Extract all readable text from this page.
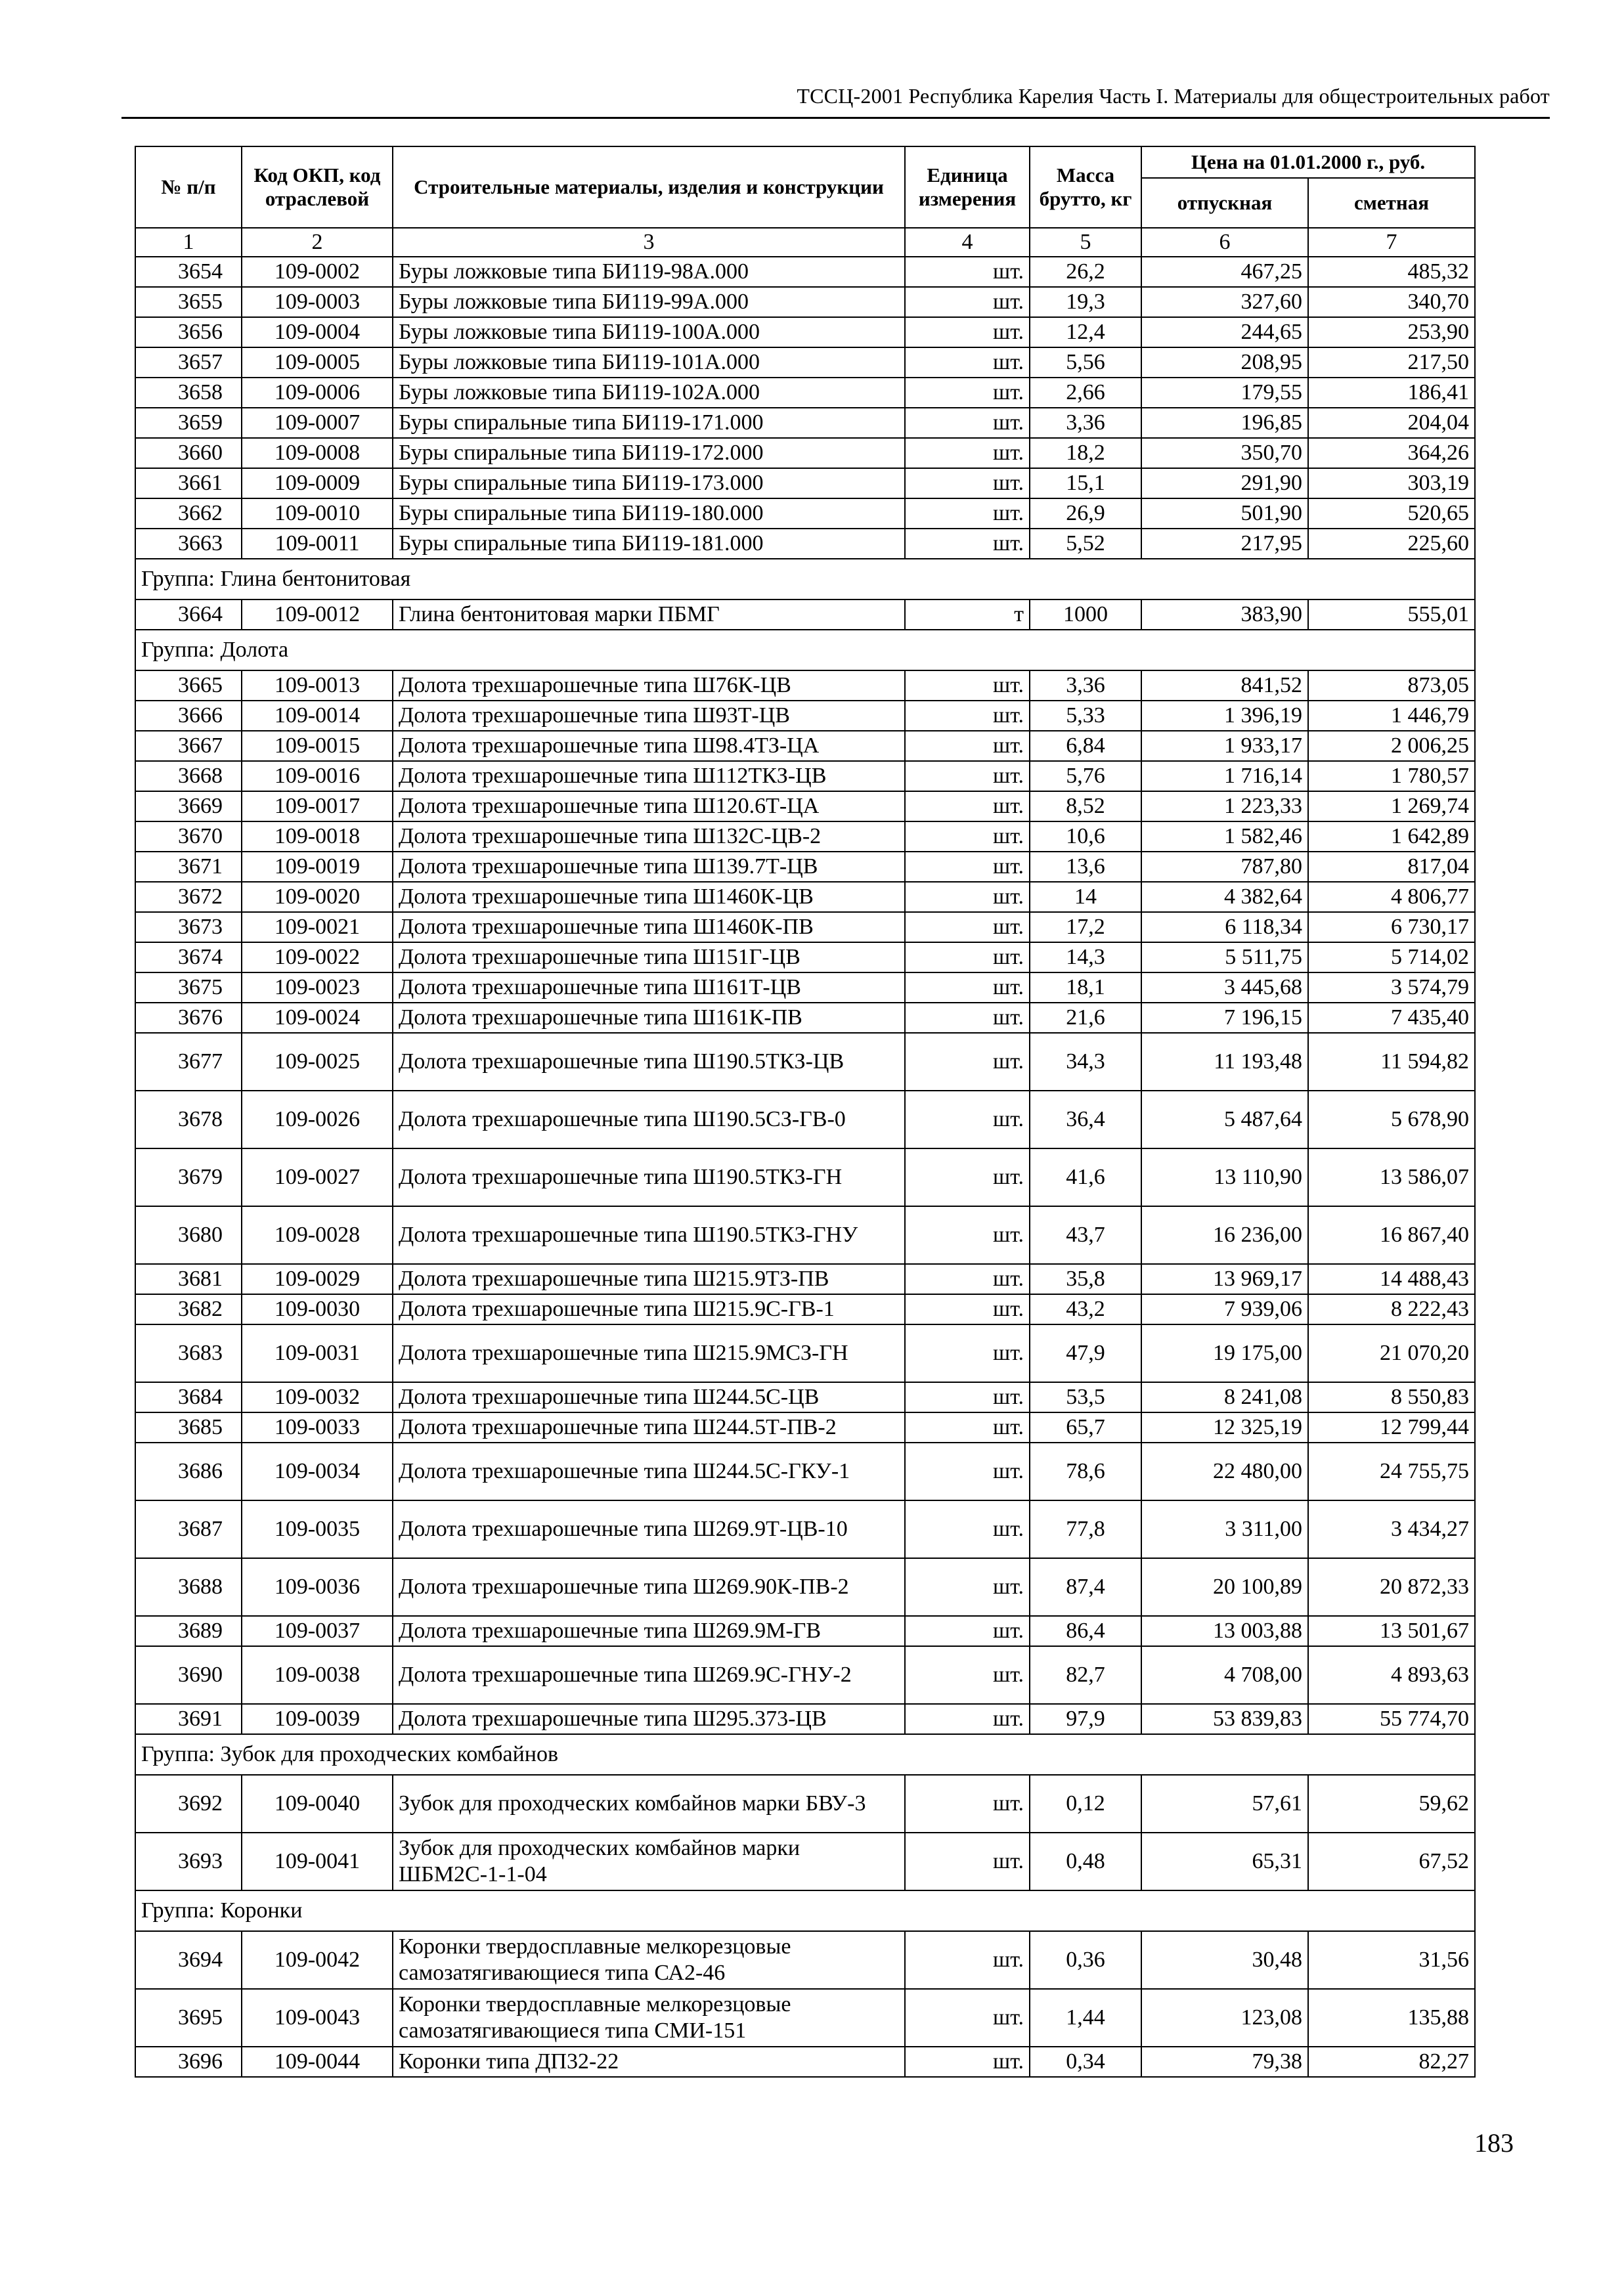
ТССЦ-2001 Республика Карелия Часть I. Материалы для общестроительных работ
№ п/п	Код ОКП, код отраслевой	Строительные материалы, изделия и конструкции	Единица измерения	Масса брутто, кг	Цена на 01.01.2000 г., руб.	
					отпускная	сметная
1	2	3	4	5	6	7
3654	109-0002	Буры ложковые типа БИ119-98А.000	шт.	26,2	467,25	485,32
3655	109-0003	Буры ложковые типа БИ119-99А.000	шт.	19,3	327,60	340,70
3656	109-0004	Буры ложковые типа БИ119-100А.000	шт.	12,4	244,65	253,90
3657	109-0005	Буры ложковые типа БИ119-101А.000	шт.	5,56	208,95	217,50
3658	109-0006	Буры ложковые типа БИ119-102А.000	шт.	2,66	179,55	186,41
3659	109-0007	Буры спиральные типа БИ119-171.000	шт.	3,36	196,85	204,04
3660	109-0008	Буры спиральные типа БИ119-172.000	шт.	18,2	350,70	364,26
3661	109-0009	Буры спиральные типа БИ119-173.000	шт.	15,1	291,90	303,19
3662	109-0010	Буры спиральные типа БИ119-180.000	шт.	26,9	501,90	520,65
3663	109-0011	Буры спиральные типа БИ119-181.000	шт.	5,52	217,95	225,60
Группа: Глина бентонитовая						
3664	109-0012	Глина бентонитовая марки ПБМГ	т	1000	383,90	555,01
Группа: Долота						
3665	109-0013	Долота трехшарошечные типа Ш76К-ЦВ	шт.	3,36	841,52	873,05
3666	109-0014	Долота трехшарошечные типа Ш93Т-ЦВ	шт.	5,33	1 396,19	1 446,79
3667	109-0015	Долота трехшарошечные типа Ш98.4ТЗ-ЦА	шт.	6,84	1 933,17	2 006,25
3668	109-0016	Долота трехшарошечные типа Ш112ТКЗ-ЦВ	шт.	5,76	1 716,14	1 780,57
3669	109-0017	Долота трехшарошечные типа Ш120.6Т-ЦА	шт.	8,52	1 223,33	1 269,74
3670	109-0018	Долота трехшарошечные типа Ш132С-ЦВ-2	шт.	10,6	1 582,46	1 642,89
3671	109-0019	Долота трехшарошечные типа Ш139.7Т-ЦВ	шт.	13,6	787,80	817,04
3672	109-0020	Долота трехшарошечные типа Ш1460К-ЦВ	шт.	14	4 382,64	4 806,77
3673	109-0021	Долота трехшарошечные типа Ш1460К-ПВ	шт.	17,2	6 118,34	6 730,17
3674	109-0022	Долота трехшарошечные типа Ш151Г-ЦВ	шт.	14,3	5 511,75	5 714,02
3675	109-0023	Долота трехшарошечные типа Ш161Т-ЦВ	шт.	18,1	3 445,68	3 574,79
3676	109-0024	Долота трехшарошечные типа Ш161К-ПВ	шт.	21,6	7 196,15	7 435,40
3677	109-0025	Долота трехшарошечные типа Ш190.5ТКЗ-ЦВ	шт.	34,3	11 193,48	11 594,82
3678	109-0026	Долота трехшарошечные типа Ш190.5СЗ-ГВ-0	шт.	36,4	5 487,64	5 678,90
3679	109-0027	Долота трехшарошечные типа Ш190.5ТКЗ-ГН	шт.	41,6	13 110,90	13 586,07
3680	109-0028	Долота трехшарошечные типа Ш190.5ТКЗ-ГНУ	шт.	43,7	16 236,00	16 867,40
3681	109-0029	Долота трехшарошечные типа Ш215.9ТЗ-ПВ	шт.	35,8	13 969,17	14 488,43
3682	109-0030	Долота трехшарошечные типа Ш215.9С-ГВ-1	шт.	43,2	7 939,06	8 222,43
3683	109-0031	Долота трехшарошечные типа Ш215.9МСЗ-ГН	шт.	47,9	19 175,00	21 070,20
3684	109-0032	Долота трехшарошечные типа Ш244.5С-ЦВ	шт.	53,5	8 241,08	8 550,83
3685	109-0033	Долота трехшарошечные типа Ш244.5Т-ПВ-2	шт.	65,7	12 325,19	12 799,44
3686	109-0034	Долота трехшарошечные типа Ш244.5С-ГКУ-1	шт.	78,6	22 480,00	24 755,75
3687	109-0035	Долота трехшарошечные типа Ш269.9Т-ЦВ-10	шт.	77,8	3 311,00	3 434,27
3688	109-0036	Долота трехшарошечные типа Ш269.90К-ПВ-2	шт.	87,4	20 100,89	20 872,33
3689	109-0037	Долота трехшарошечные типа Ш269.9М-ГВ	шт.	86,4	13 003,88	13 501,67
3690	109-0038	Долота трехшарошечные типа Ш269.9С-ГНУ-2	шт.	82,7	4 708,00	4 893,63
3691	109-0039	Долота трехшарошечные типа Ш295.373-ЦВ	шт.	97,9	53 839,83	55 774,70
Группа: Зубок для проходческих комбайнов						
3692	109-0040	Зубок для проходческих комбайнов марки БВУ-3	шт.	0,12	57,61	59,62
3693	109-0041	Зубок для проходческих комбайнов марки ШБМ2С-1-1-04	шт.	0,48	65,31	67,52
Группа: Коронки						
3694	109-0042	Коронки твердосплавные мелкорезцовые самозатягивающиеся типа СА2-46	шт.	0,36	30,48	31,56
3695	109-0043	Коронки твердосплавные мелкорезцовые самозатягивающиеся типа СМИ-151	шт.	1,44	123,08	135,88
3696	109-0044	Коронки типа ДП32-22	шт.	0,34	79,38	82,27
183
